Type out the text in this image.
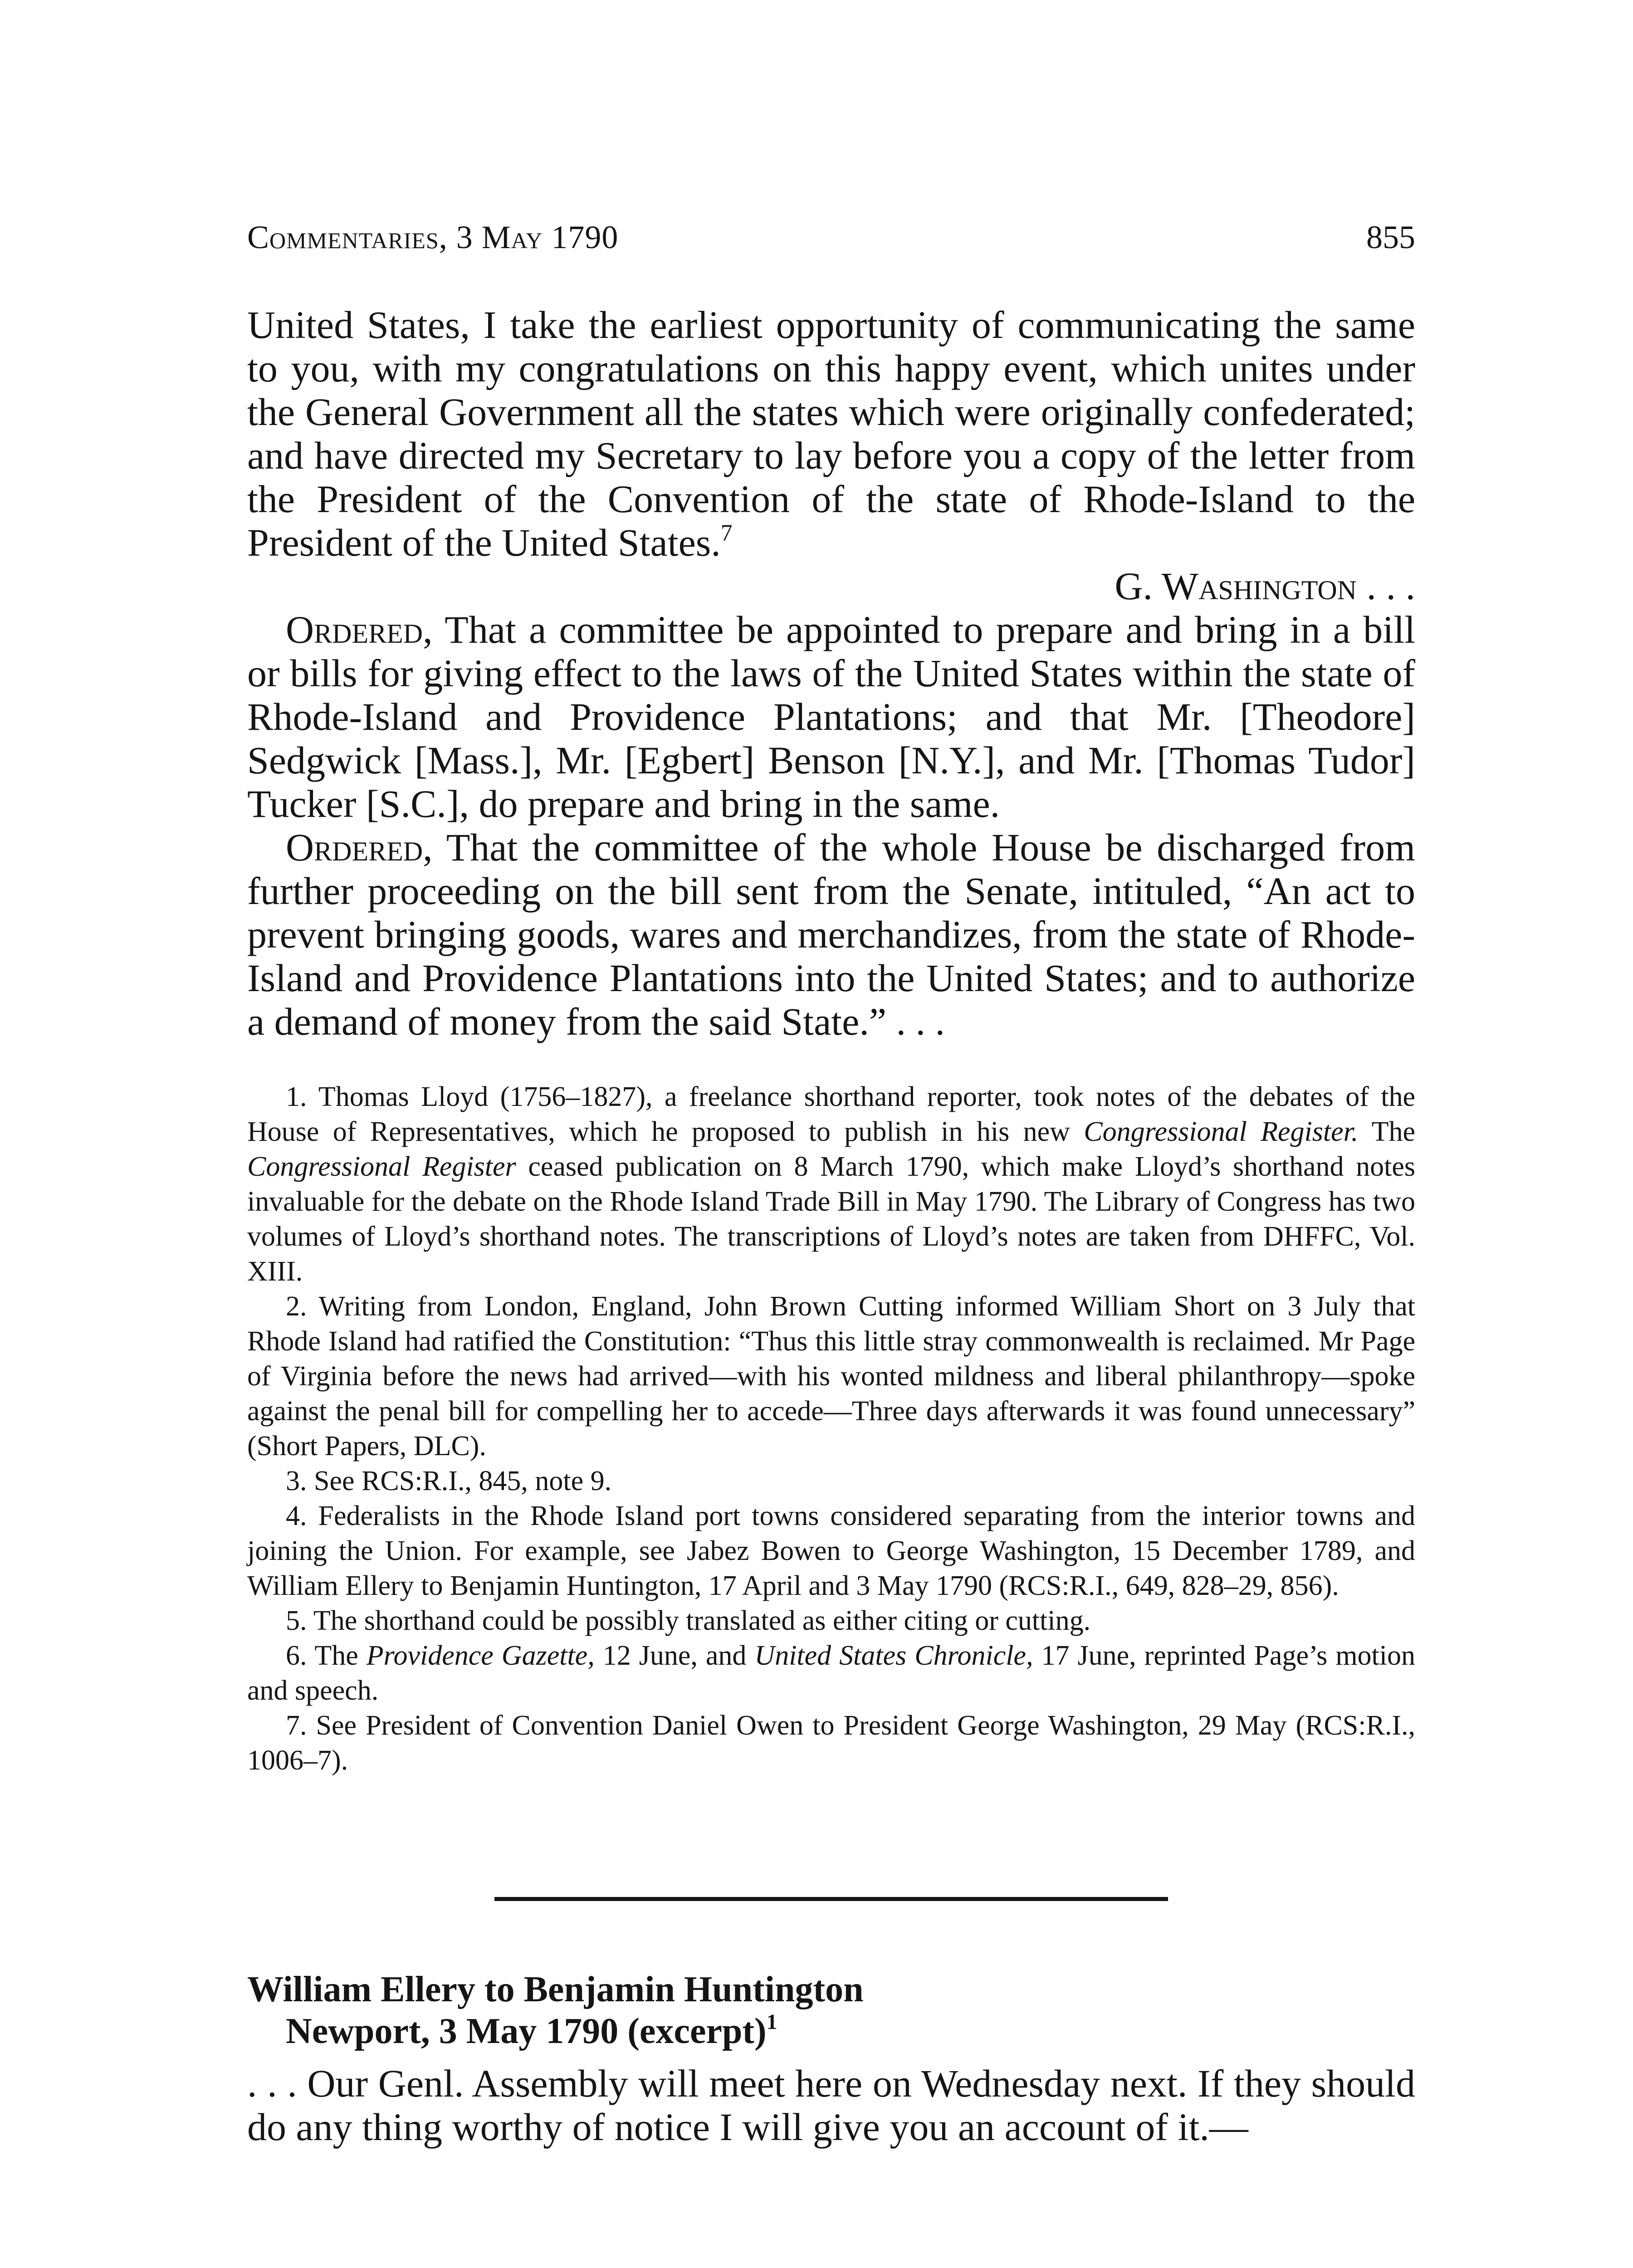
Commentaries, 3 May 1790	855

United States, I take the earliest opportunity of communicating the same to you, with my congratulations on this happy event, which unites under the General Government all the states which were originally confederated; and have directed my Secretary to lay before you a copy of the letter from the President of the Convention of the state of Rhode-Island to the President of the United States.$^7$

G. Washington . . .

Ordered, That a committee be appointed to prepare and bring in a bill or bills for giving effect to the laws of the United States within the state of Rhode-Island and Providence Plantations; and that Mr. [Theodore] Sedgwick [Mass.], Mr. [Egbert] Benson [N.Y.], and Mr. [Thomas Tudor] Tucker [S.C.], do prepare and bring in the same.

Ordered, That the committee of the whole House be discharged from further proceeding on the bill sent from the Senate, intituled, “An act to prevent bringing goods, wares and merchandizes, from the state of Rhode-Island and Providence Plantations into the United States; and to authorize a demand of money from the said State.” . . .

1. Thomas Lloyd (1756–1827), a freelance shorthand reporter, took notes of the debates of the House of Representatives, which he proposed to publish in his new Congressional Register. The Congressional Register ceased publication on 8 March 1790, which make Lloyd’s shorthand notes invaluable for the debate on the Rhode Island Trade Bill in May 1790. The Library of Congress has two volumes of Lloyd’s shorthand notes. The transcriptions of Lloyd’s notes are taken from DHFFC, Vol. XIII.

2. Writing from London, England, John Brown Cutting informed William Short on 3 July that Rhode Island had ratified the Constitution: “Thus this little stray commonwealth is reclaimed. Mr Page of Virginia before the news had arrived—with his wonted mildness and liberal philanthropy—spoke against the penal bill for compelling her to accede—Three days afterwards it was found unnecessary” (Short Papers, DLC).

3. See RCS:R.I., 845, note 9.

4. Federalists in the Rhode Island port towns considered separating from the interior towns and joining the Union. For example, see Jabez Bowen to George Washington, 15 December 1789, and William Ellery to Benjamin Huntington, 17 April and 3 May 1790 (RCS:R.I., 649, 828–29, 856).

5. The shorthand could be possibly translated as either citing or cutting.

6. The Providence Gazette, 12 June, and United States Chronicle, 17 June, reprinted Page’s motion and speech.

7. See President of Convention Daniel Owen to President George Washington, 29 May (RCS:R.I., 1006–7).

William Ellery to Benjamin Huntington
Newport, 3 May 1790 (excerpt)$^1$

. . . Our Genl. Assembly will meet here on Wednesday next. If they should do any thing worthy of notice I will give you an account of it.—
